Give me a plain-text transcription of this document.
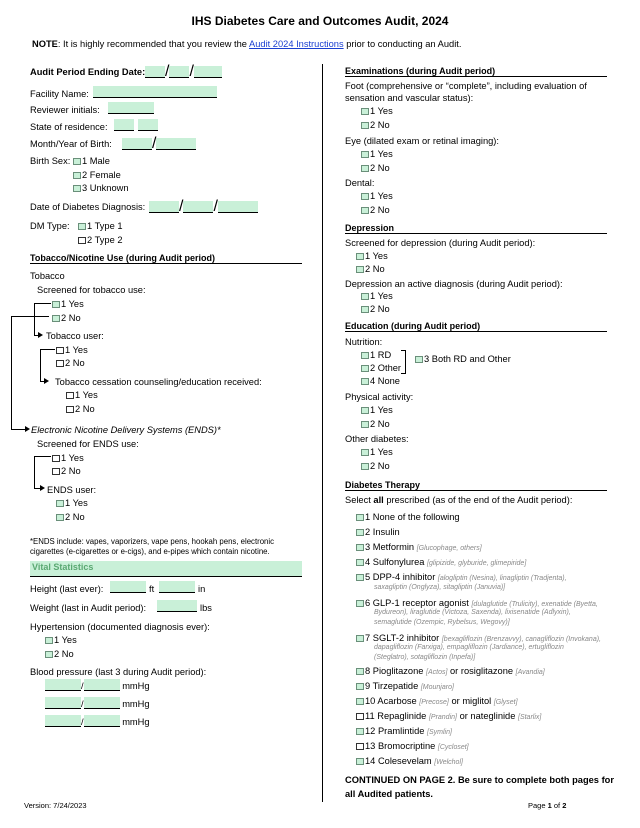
IHS Diabetes Care and Outcomes Audit, 2024
NOTE: It is highly recommended that you review the Audit 2024 Instructions prior to conducting an Audit.
Audit Period Ending Date:	/ /
Facility Name:
Reviewer initials:
State of residence:
Month/Year of Birth:	/
Birth Sex:	1 Male
2 Female
3 Unknown
Date of Diabetes Diagnosis:	/ /
DM Type:	1 Type 1
2 Type 2
Tobacco/Nicotine Use (during Audit period)
Tobacco
Screened for tobacco use:
1 Yes
2 No
Tobacco user:
1 Yes
2 No
Tobacco cessation counseling/education received:
1 Yes
2 No
Electronic Nicotine Delivery Systems (ENDS)*
Screened for ENDS use:
1 Yes
2 No
ENDS user:
1 Yes
2 No
*ENDS include: vapes, vaporizers, vape pens, hookah pens, electronic
cigarettes (e-cigarettes or e-cigs), and e-pipes which contain nicotine.
Vital Statistics
Height (last ever):	ft	in
Weight (last in Audit period):	lbs
Hypertension (documented diagnosis ever):
1 Yes
2 No
Blood pressure (last 3 during Audit period):
/	mmHg
/	mmHg
/	mmHg
Examinations (during Audit period)
Foot (comprehensive or “complete”, including evaluation of
sensation and vascular status):
1 Yes
2 No
Eye (dilated exam or retinal imaging):
1 Yes
2 No
Dental:
1 Yes
2 No
Depression
Screened for depression (during Audit period):
1 Yes
2 No
Depression an active diagnosis (during Audit period):
1 Yes
2 No
Education (during Audit period)
Nutrition:
1 RD
2 Other
4 None
3 Both RD and Other
Physical activity:
1 Yes
2 No
Other diabetes:
1 Yes
2 No
Diabetes Therapy
Select all prescribed (as of the end of the Audit period):
1 None of the following
2 Insulin
3 Metformin [Glucophage, others]
4 Sulfonylurea [glipizide, glyburide, glimepiride]
5 DPP-4 inhibitor [alogliptin (Nesina), linagliptin (Tradjenta),
saxagliptin (Onglyza), sitagliptin (Januvia)]
6 GLP-1 receptor agonist [dulaglutide (Trulicity), exenatide (Byetta,
Bydureon), liraglutide (Victoza, Saxenda), lixisenatide (Adlyxin),
semaglutide (Ozempic, Rybelsus, Wegovy)]
7 SGLT-2 inhibitor [bexagliflozin (Brenzavvy), canagliflozin (Invokana),
dapagliflozin (Farxiga), empagliflozin (Jardiance), ertugliflozin
(Steglatro), sotagliflozin (Inpefa)]
8 Pioglitazone [Actos] or rosiglitazone [Avandia]
9 Tirzepatide [Mounjaro]
10 Acarbose [Precose] or miglitol [Glyset]
11 Repaglinide [Prandin] or nateglinide [Starlix]
12 Pramlintide [Symlin]
13 Bromocriptine [Cycloset]
14 Colesevelam [Welchol]
CONTINUED ON PAGE 2. Be sure to complete both pages for
all Audited patients.
Version: 7/24/2023	Page 1 of 2
